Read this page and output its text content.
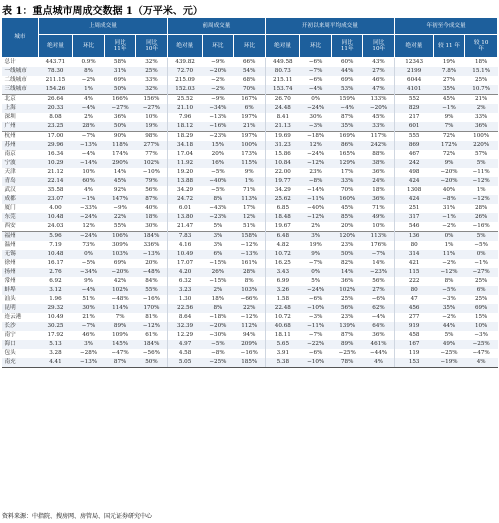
表 1：重点城市周成交数据 1（万平米、元）
城市	上周成交量				前周成交量			开初以来周平均成交量				年初至今成交量		
	绝对量	环比	同比
11年	同比
10年	绝对量	环比	环比	绝对量	环比	同比
11年	同比
10年	绝对量	较 11 年	较 10
年
总计	443.71	0.9%	58%	32%	439.82	−9%	66%	449.58	−6%	60%	43%	12343	19%	18%
一线城市	78.30	8%	31%	25%	72.70	−20%	54%	80.73	−7%	44%	27%	2199	7.8%	15.1%
二线城市	211.15	−2%	69%	33%	215.09	−2%	68%	215.11	−6%	69%	46%	6044	27%	25%
三线城市	154.26	1%	50%	32%	152.03	−2%	70%	153.74	−4%	53%	47%	4101	35%	10.7%
北京	26.64	4%	166%	156%	25.52	−9%	167%	26.70	0%	159%	133%	552	45%	21%
上海	20.33	−4%	−27%	−27%	21.10	−34%	6%	24.48	−24%	−4%	−20%	829	−1%	2%
深圳	8.08	2%	36%	10%	7.96	−13%	197%	8.41	30%	87%	45%	217	9%	33%
广州	23.25	28%	50%	19%	18.12	−16%	21%	21.13	−3%	35%	33%	601	7%	36%
杭州	17.00	−7%	90%	98%	18.29	−23%	197%	19.69	−18%	169%	117%	555	72%	100%
苏州	29.96	−13%	118%	277%	34.18	15%	100%	31.23	12%	86%	242%	869	172%	220%
南京	16.34	−4%	174%	77%	17.04	20%	173%	15.86	−24%	165%	88%	467	72%	57%
宁波	10.29	−14%	290%	102%	11.92	16%	115%	10.84	−12%	129%	38%	242	9%	5%
天津	21.12	10%	14%	−10%	19.20	−5%	9%	22.00	23%	17%	36%	498	−20%	−11%
青岛	22.14	60%	45%	79%	13.88	−40%	1%	19.77	−8%	33%	24%	424	−20%	−12%
武汉	35.58	4%	92%	56%	34.29	−5%	71%	34.29	−14%	70%	18%	1308	40%	1%
成都	23.07	−1%	147%	87%	24.72	8%	113%	25.62	−11%	160%	36%	424	−8%	−12%
厦门	4.00	−33%	−9%	40%	6.01	−43%	17%	6.85	−40%	45%	71%	251	31%	28%
东莞	10.48	−24%	22%	18%	13.80	−23%	12%	18.48	−12%	85%	49%	317	−1%	26%
西安	24.03	12%	55%	30%	21.47	5%	51%	19.67	2%	20%	10%	546	−2%	−16%
福州	5.96	−24%	106%	184%	7.83	3%	158%	6.48	3%	120%	113%	136	0%	5%
温州	7.19	73%	309%	336%	4.16	3%	−12%	4.82	19%	23%	176%	80	1%	−5%
无锡	10.48	0%	103%	−13%	10.49	6%	−13%	10.72	9%	50%	−7%	314	11%	0%
徐州	16.17	−5%	69%	20%	17.07	−15%	161%	16.25	−7%	82%	14%	421	−2%	−1%
扬州	2.76	−34%	−20%	−48%	4.20	26%	28%	3.43	0%	14%	−23%	115	−12%	−27%
常州	6.92	9%	42%	84%	6.32	−15%	8%	6.99	5%	36%	56%	222	8%	25%
蚌埠	3.12	−4%	102%	55%	3.23	2%	103%	3.26	−24%	102%	27%	80	−5%	6%
汕头	1.96	51%	−48%	−16%	1.30	18%	−66%	1.58	−6%	25%	−6%	47	−3%	25%
昆明	29.32	30%	114%	170%	22.56	8%	22%	22.48	−10%	56%	62%	456	35%	69%
连云港	10.49	21%	7%	81%	8.64	−18%	−12%	10.72	−3%	23%	−4%	277	−2%	15%
长沙	30.25	−7%	89%	−12%	32.39	−20%	112%	40.68	−11%	139%	64%	919	44%	10%
南宁	17.92	46%	109%	61%	12.29	−30%	94%	18.11	−7%	87%	36%	458	5%	−3%
海口	5.13	3%	145%	184%	4.97	−5%	209%	5.65	−22%	89%	461%	167	49%	−25%
包头	3.28	−28%	−47%	−56%	4.58	−8%	−16%	3.91	−6%	−25%	−44%	119	−25%	−47%
南充	4.41	−13%	87%	50%	5.05	−25%	185%	5.38	−10%	78%	4%	153	−19%	4%
资料来源：中指院、搜房网、房管局、国元证券研究中心
